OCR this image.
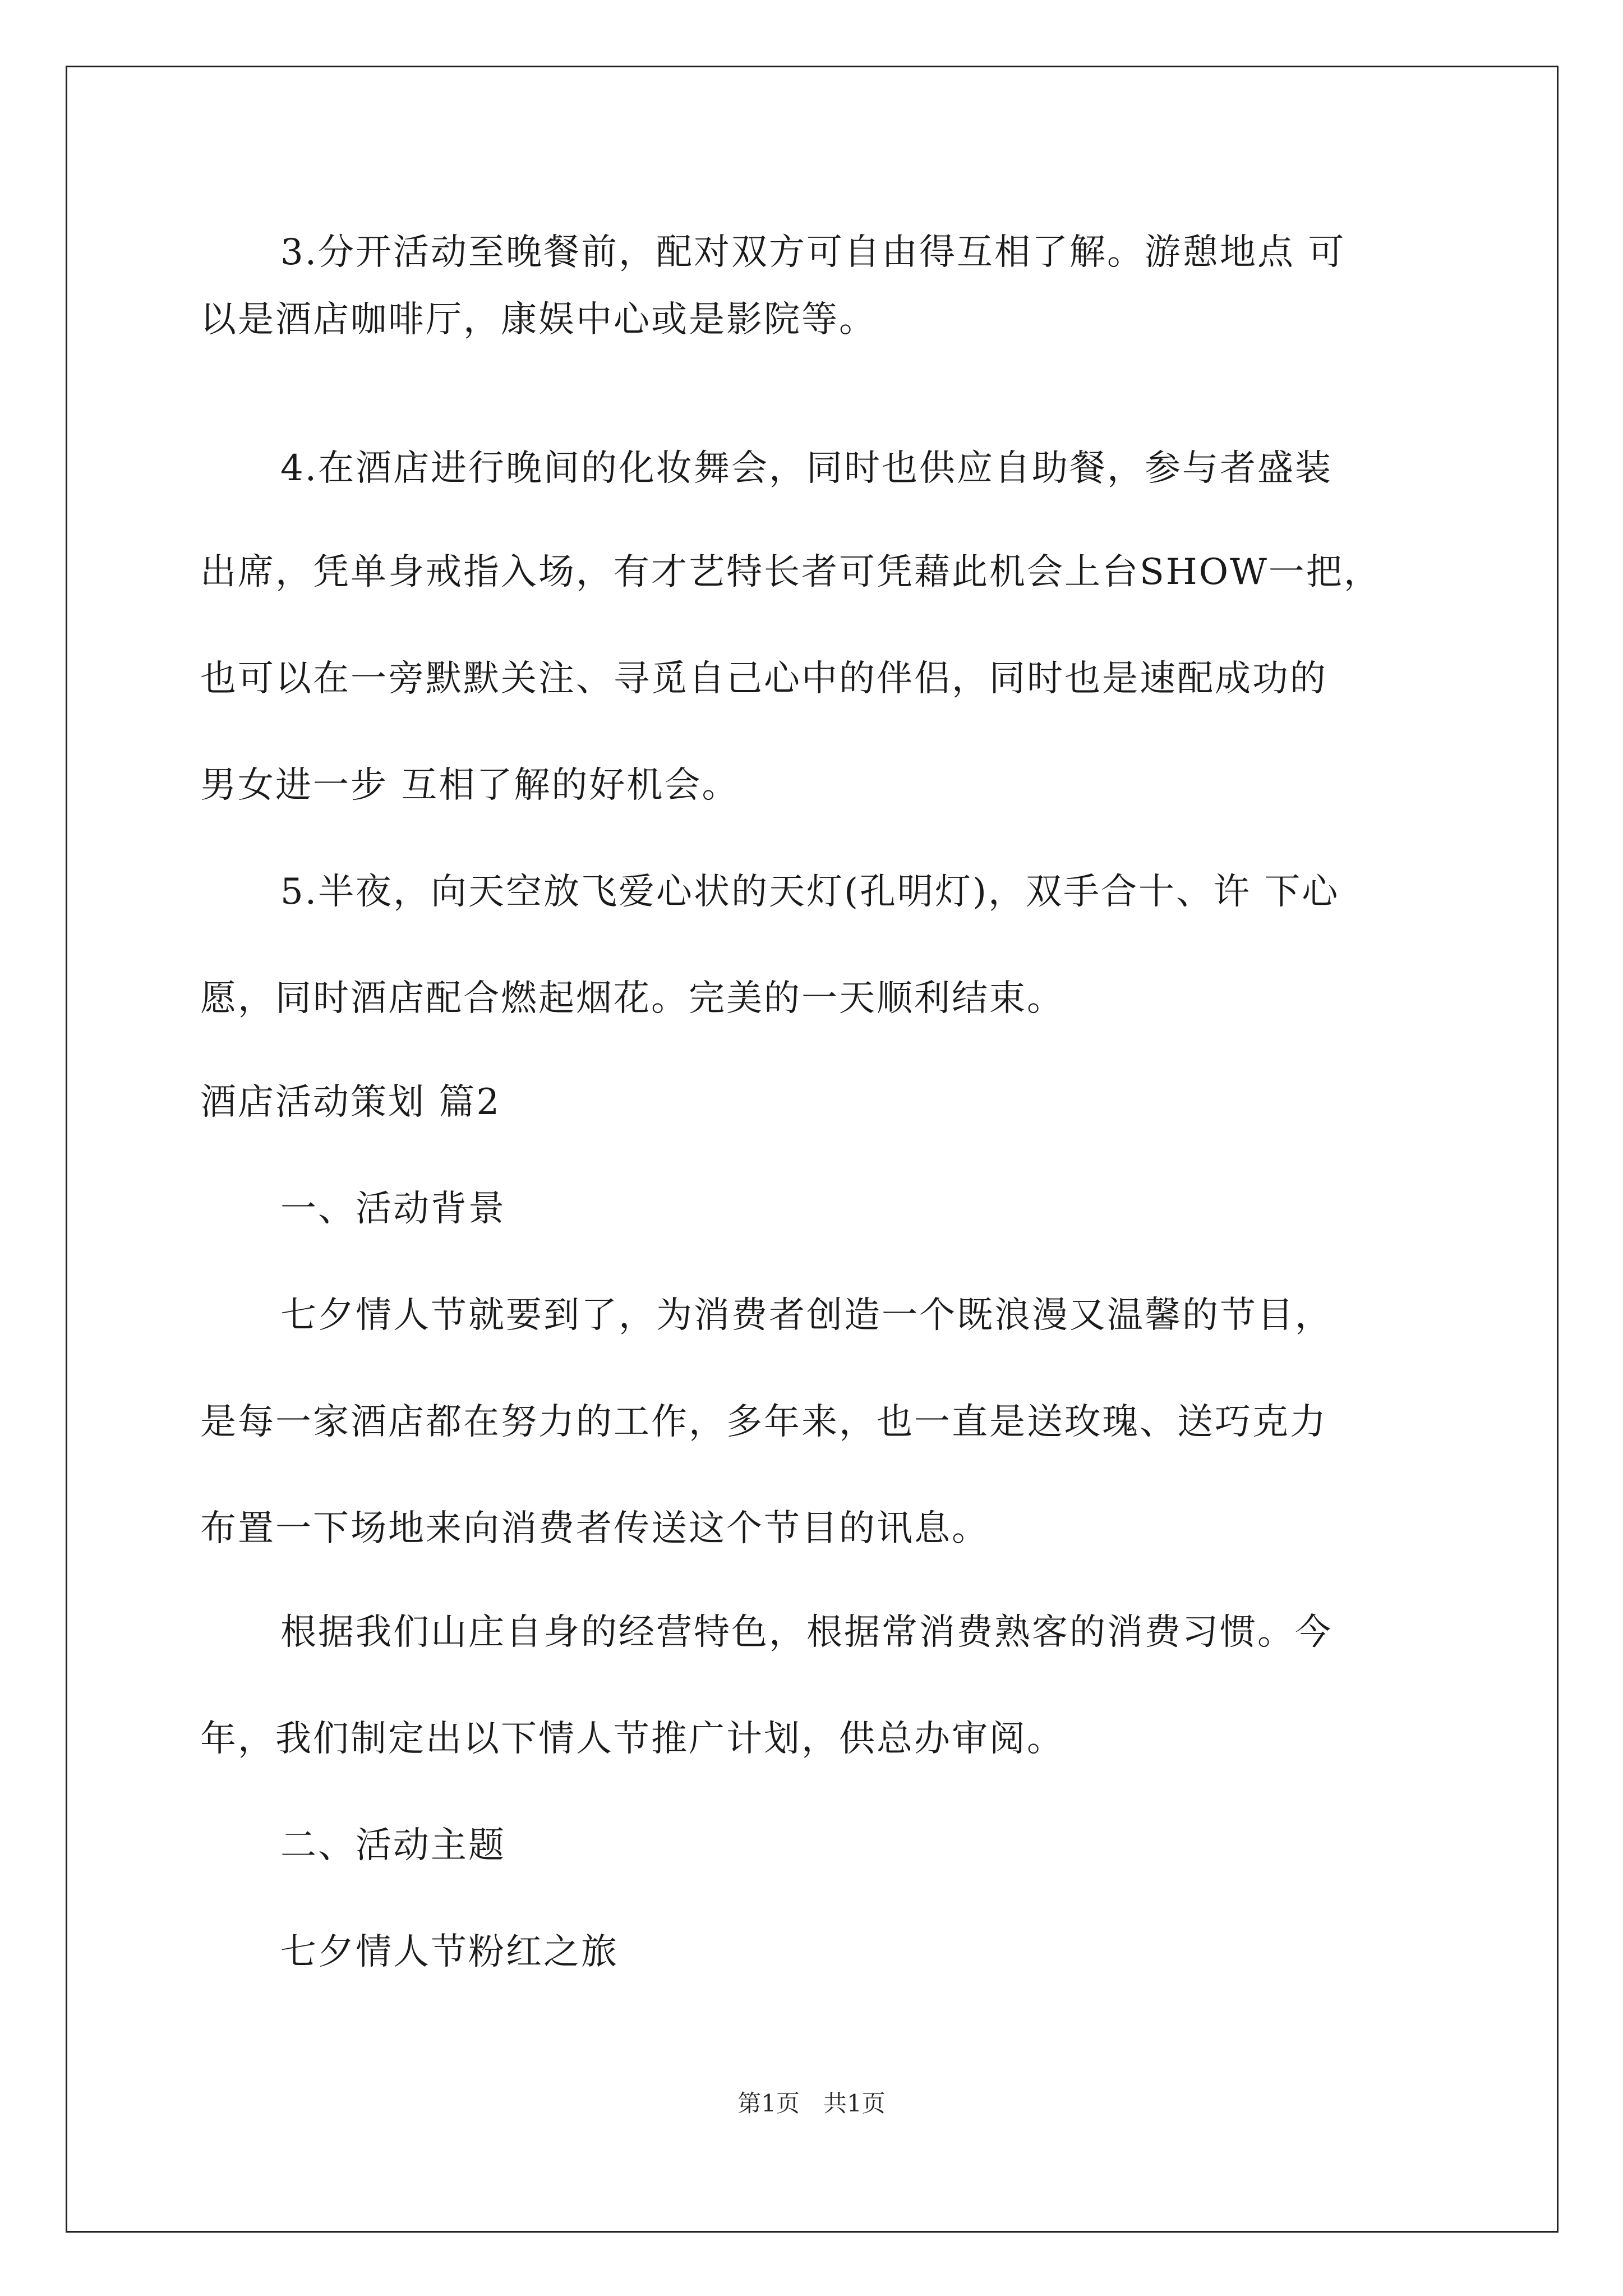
3.分开活动至晚餐前，配对双方可自由得互相了解。游憩地点 可
以是酒店咖啡厅，康娱中心或是影院等。
4.在酒店进行晚间的化妆舞会，同时也供应自助餐，参与者盛装
出席，凭单身戒指入场，有才艺特长者可凭藉此机会上台SHOW一把，
也可以在一旁默默关注、寻觅自己心中的伴侣，同时也是速配成功的
男女进一步 互相了解的好机会。
5.半夜，向天空放飞爱心状的天灯(孔明灯)，双手合十、许 下心
愿，同时酒店配合燃起烟花。完美的一天顺利结束。
酒店活动策划 篇2
一、活动背景
七夕情人节就要到了，为消费者创造一个既浪漫又温馨的节目，
是每一家酒店都在努力的工作，多年来，也一直是送玫瑰、送巧克力
布置一下场地来向消费者传送这个节目的讯息。
根据我们山庄自身的经营特色，根据常消费熟客的消费习惯。今
年，我们制定出以下情人节推广计划，供总办审阅。
二、活动主题
七夕情人节粉红之旅
第1页　共1页
